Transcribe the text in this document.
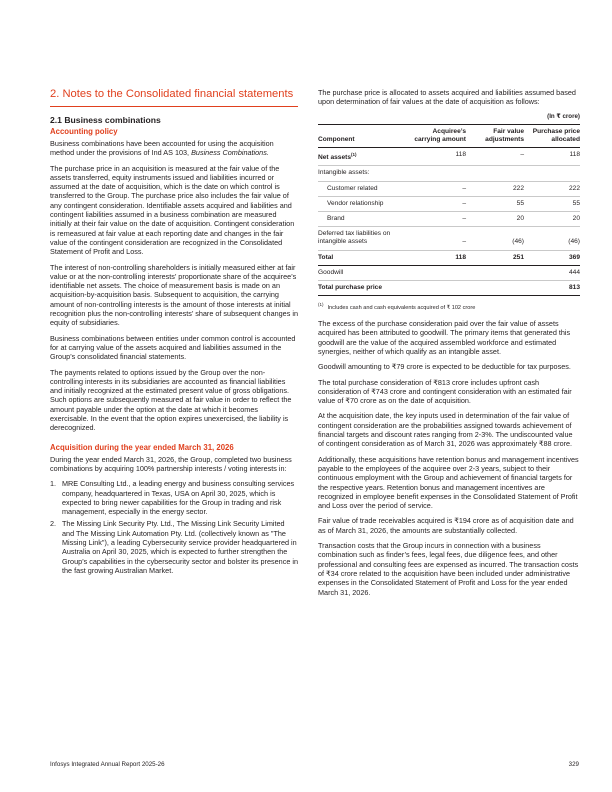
2. Notes to the Consolidated financial statements
2.1 Business combinations
Accounting policy

Business combinations have been accounted for using the acquisition method under the provisions of Ind AS 103, Business Combinations.

The purchase price in an acquisition is measured at the fair value of the assets transferred, equity instruments issued and liabilities incurred or assumed at the date of acquisition, which is the date on which control is transferred to the Group. The purchase price also includes the fair value of any contingent consideration. Identifiable assets acquired and liabilities and contingent liabilities assumed in a business combination are measured initially at their fair value on the date of acquisition. Contingent consideration is remeasured at fair value at each reporting date and changes in the fair value of the contingent consideration are recognized in the Consolidated Statement of Profit and Loss.

The interest of non-controlling shareholders is initially measured either at fair value or at the non-controlling interests’ proportionate share of the acquiree’s identifiable net assets. The choice of measurement basis is made on an acquisition-by-acquisition basis. Subsequent to acquisition, the carrying amount of non-controlling interests is the amount of those interests at initial recognition plus the non-controlling interests’ share of subsequent changes in equity of subsidiaries.

Business combinations between entities under common control is accounted for at carrying value of the assets acquired and liabilities assumed in the Group’s consolidated financial statements.

The payments related to options issued by the Group over the non-controlling interests in its subsidiaries are accounted as financial liabilities and initially recognized at the estimated present value of gross obligations. Such options are subsequently measured at fair value in order to reflect the amount payable under the option at the date at which it becomes exercisable. In the event that the option expires unexercised, the liability is derecognized.

Acquisition during the year ended March 31, 2026

During the year ended March 31, 2026, the Group, completed two business combinations by acquiring 100% partnership interests / voting interests in:

1. MRE Consulting Ltd., a leading energy and business consulting services company, headquartered in Texas, USA on April 30, 2025, which is expected to bring newer capabilities for the Group in trading and risk management, especially in the energy sector.
2. The Missing Link Security Pty. Ltd., The Missing Link Security Limited and The Missing Link Automation Pty. Ltd. (collectively known as "The Missing Link"), a leading Cybersecurity service provider headquartered in Australia on April 30, 2025, which is expected to further strengthen the Group’s capabilities in the cybersecurity sector and bolster its presence in the fast growing Australian Market.

The purchase price is allocated to assets acquired and liabilities assumed based upon determination of fair values at the date of acquisition as follows:

(In ₹ crore)
Component	Acquiree’s carrying amount	Fair value adjustments	Purchase price allocated
Net assets$^{(1)}$	118	–	118
Intangible assets:			
Customer related	–	222	222
Vendor relationship	–	55	55
Brand	–	20	20
Deferred tax liabilities on intangible assets	–	(46)	(46)
Total	118	251	369
Goodwill			444
Total purchase price			813
$^{(1)}$Includes cash and cash equivalents acquired of ₹ 102 crore

The excess of the purchase consideration paid over the fair value of assets acquired has been attributed to goodwill. The primary items that generated this goodwill are the value of the acquired assembled workforce and estimated synergies, neither of which qualify as an intangible asset.

Goodwill amounting to ₹79 crore is expected to be deductible for tax purposes.

The total purchase consideration of ₹813 crore includes upfront cash consideration of ₹743 crore and contingent consideration with an estimated fair value of ₹70 crore as on the date of acquisition.

At the acquisition date, the key inputs used in determination of the fair value of contingent consideration are the probabilities assigned towards achievement of financial targets and discount rates ranging from 2-3%. The undiscounted value of contingent consideration as of March 31, 2026 was approximately ₹88 crore.

Additionally, these acquisitions have retention bonus and management incentives payable to the employees of the acquiree over 2-3 years, subject to their continuous employment with the Group and achievement of financial targets for the respective years. Retention bonus and management incentives are recognized in employee benefit expenses in the Consolidated Statement of Profit and Loss over the period of service.

Fair value of trade receivables acquired is ₹194 crore as of acquisition date and as of March 31, 2026, the amounts are substantially collected.

Transaction costs that the Group incurs in connection with a business combination such as finder’s fees, legal fees, due diligence fees, and other professional and consulting fees are expensed as incurred. The transaction costs of ₹34 crore related to the acquisition have been included under administrative expenses in the Consolidated Statement of Profit and Loss for the year ended March 31, 2026.

Infosys Integrated Annual Report 2025-26	329
